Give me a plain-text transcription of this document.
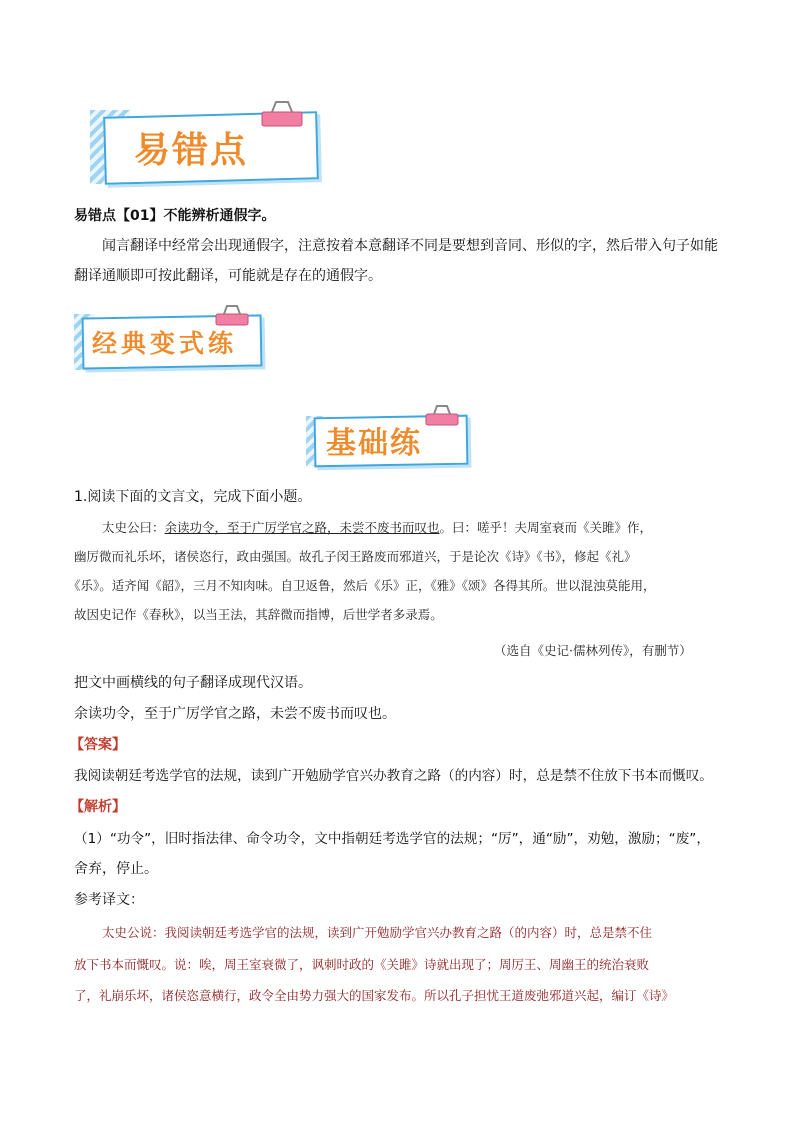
易错点
易错点【01】不能辨析通假字。
闻言翻译中经常会出现通假字，注意按着本意翻译不同是要想到音同、形似的字，然后带入句子如能
翻译通顺即可按此翻译，可能就是存在的通假字。
经典变式练
基础练
1.阅读下面的文言文，完成下面小题。
太史公曰：余读功令，至于广厉学官之路，未尝不废书而叹也。曰：嗟乎！夫周室衰而《关雎》作，
幽厉微而礼乐坏，诸侯恣行，政由强国。故孔子闵王路废而邪道兴，于是论次《诗》《书》，修起《礼》
《乐》。适齐闻《韶》，三月不知肉味。自卫返鲁，然后《乐》正，《雅》《颂》各得其所。世以混浊莫能用，
故因史记作《春秋》，以当王法，其辞微而指博，后世学者多录焉。
（选自《史记·儒林列传》，有删节）
把文中画横线的句子翻译成现代汉语。
余读功令，至于广厉学官之路，未尝不废书而叹也。
【答案】
我阅读朝廷考选学官的法规，读到广开勉励学官兴办教育之路（的内容）时，总是禁不住放下书本而慨叹。
【解析】
（1）“功令”，旧时指法律、命令功令，文中指朝廷考选学官的法规；“厉”，通“励”，劝勉，激励；“废”，
舍弃，停止。
参考译文：
太史公说：我阅读朝廷考选学官的法规，读到广开勉励学官兴办教育之路（的内容）时，总是禁不住
放下书本而慨叹。说：唉，周王室衰微了，讽刺时政的《关雎》诗就出现了；周厉王、周幽王的统治衰败
了，礼崩乐坏，诸侯恣意横行，政令全由势力强大的国家发布。所以孔子担忧王道废弛邪道兴起，编订《诗》
